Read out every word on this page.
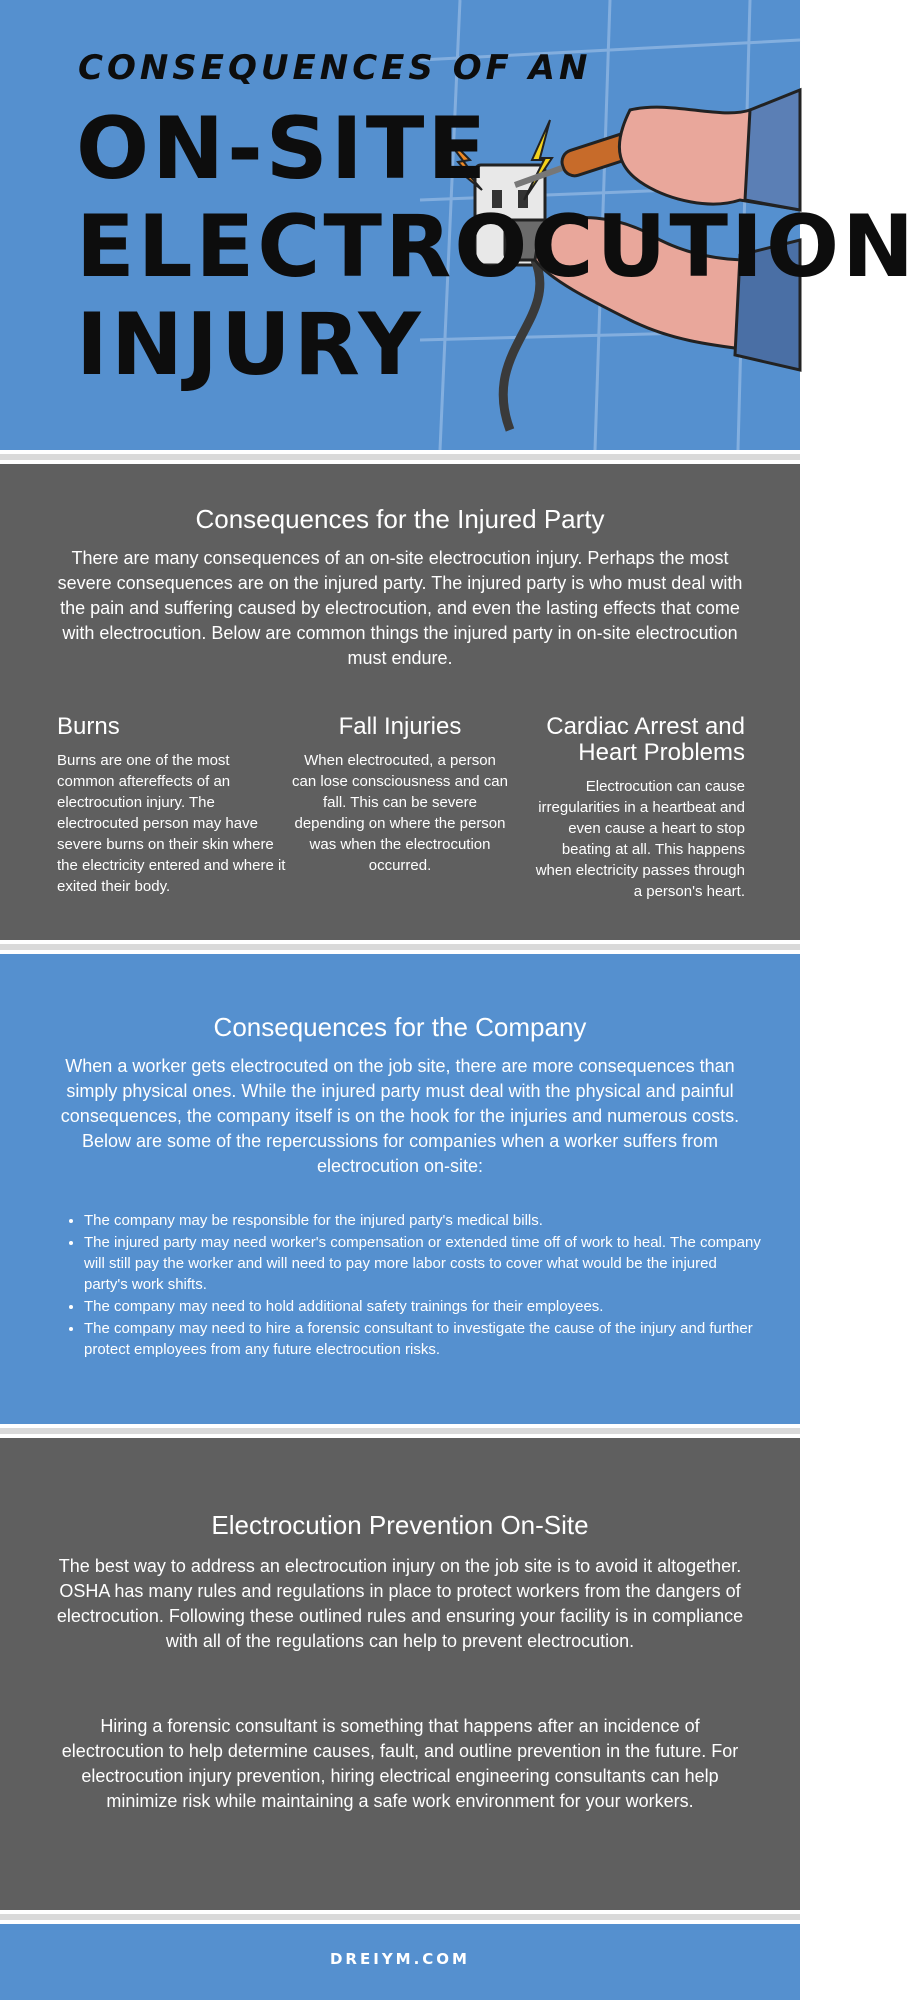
CONSEQUENCES OF AN
ON-SITE
ELECTROCUTION
INJURY
Consequences for the Injured Party
There are many consequences of an on-site electrocution injury. Perhaps the most severe consequences are on the injured party. The injured party is who must deal with the pain and suffering caused by electrocution, and even the lasting effects that come with electrocution. Below are common things the injured party in on-site electrocution must endure.
Burns
Burns are one of the most common aftereffects of an electrocution injury. The electrocuted person may have severe burns on their skin where the electricity entered and where it exited their body.
Fall Injuries
When electrocuted, a person can lose consciousness and can fall. This can be severe depending on where the person was when the electrocution occurred.
Cardiac Arrest and Heart Problems
Electrocution can cause irregularities in a heartbeat and even cause a heart to stop beating at all. This happens when electricity passes through a person's heart.
Consequences for the Company
When a worker gets electrocuted on the job site, there are more consequences than simply physical ones. While the injured party must deal with the physical and painful consequences, the company itself is on the hook for the injuries and numerous costs. Below are some of the repercussions for companies when a worker suffers from electrocution on-site:
• The company may be responsible for the injured party's medical bills.
• The injured party may need worker's compensation or extended time off of work to heal. The company will still pay the worker and will need to pay more labor costs to cover what would be the injured party's work shifts.
• The company may need to hold additional safety trainings for their employees.
• The company may need to hire a forensic consultant to investigate the cause of the injury and further protect employees from any future electrocution risks.
Electrocution Prevention On-Site
The best way to address an electrocution injury on the job site is to avoid it altogether. OSHA has many rules and regulations in place to protect workers from the dangers of electrocution. Following these outlined rules and ensuring your facility is in compliance with all of the regulations can help to prevent electrocution.
Hiring a forensic consultant is something that happens after an incidence of electrocution to help determine causes, fault, and outline prevention in the future. For electrocution injury prevention, hiring electrical engineering consultants can help minimize risk while maintaining a safe work environment for your workers.
DREIYM.COM
